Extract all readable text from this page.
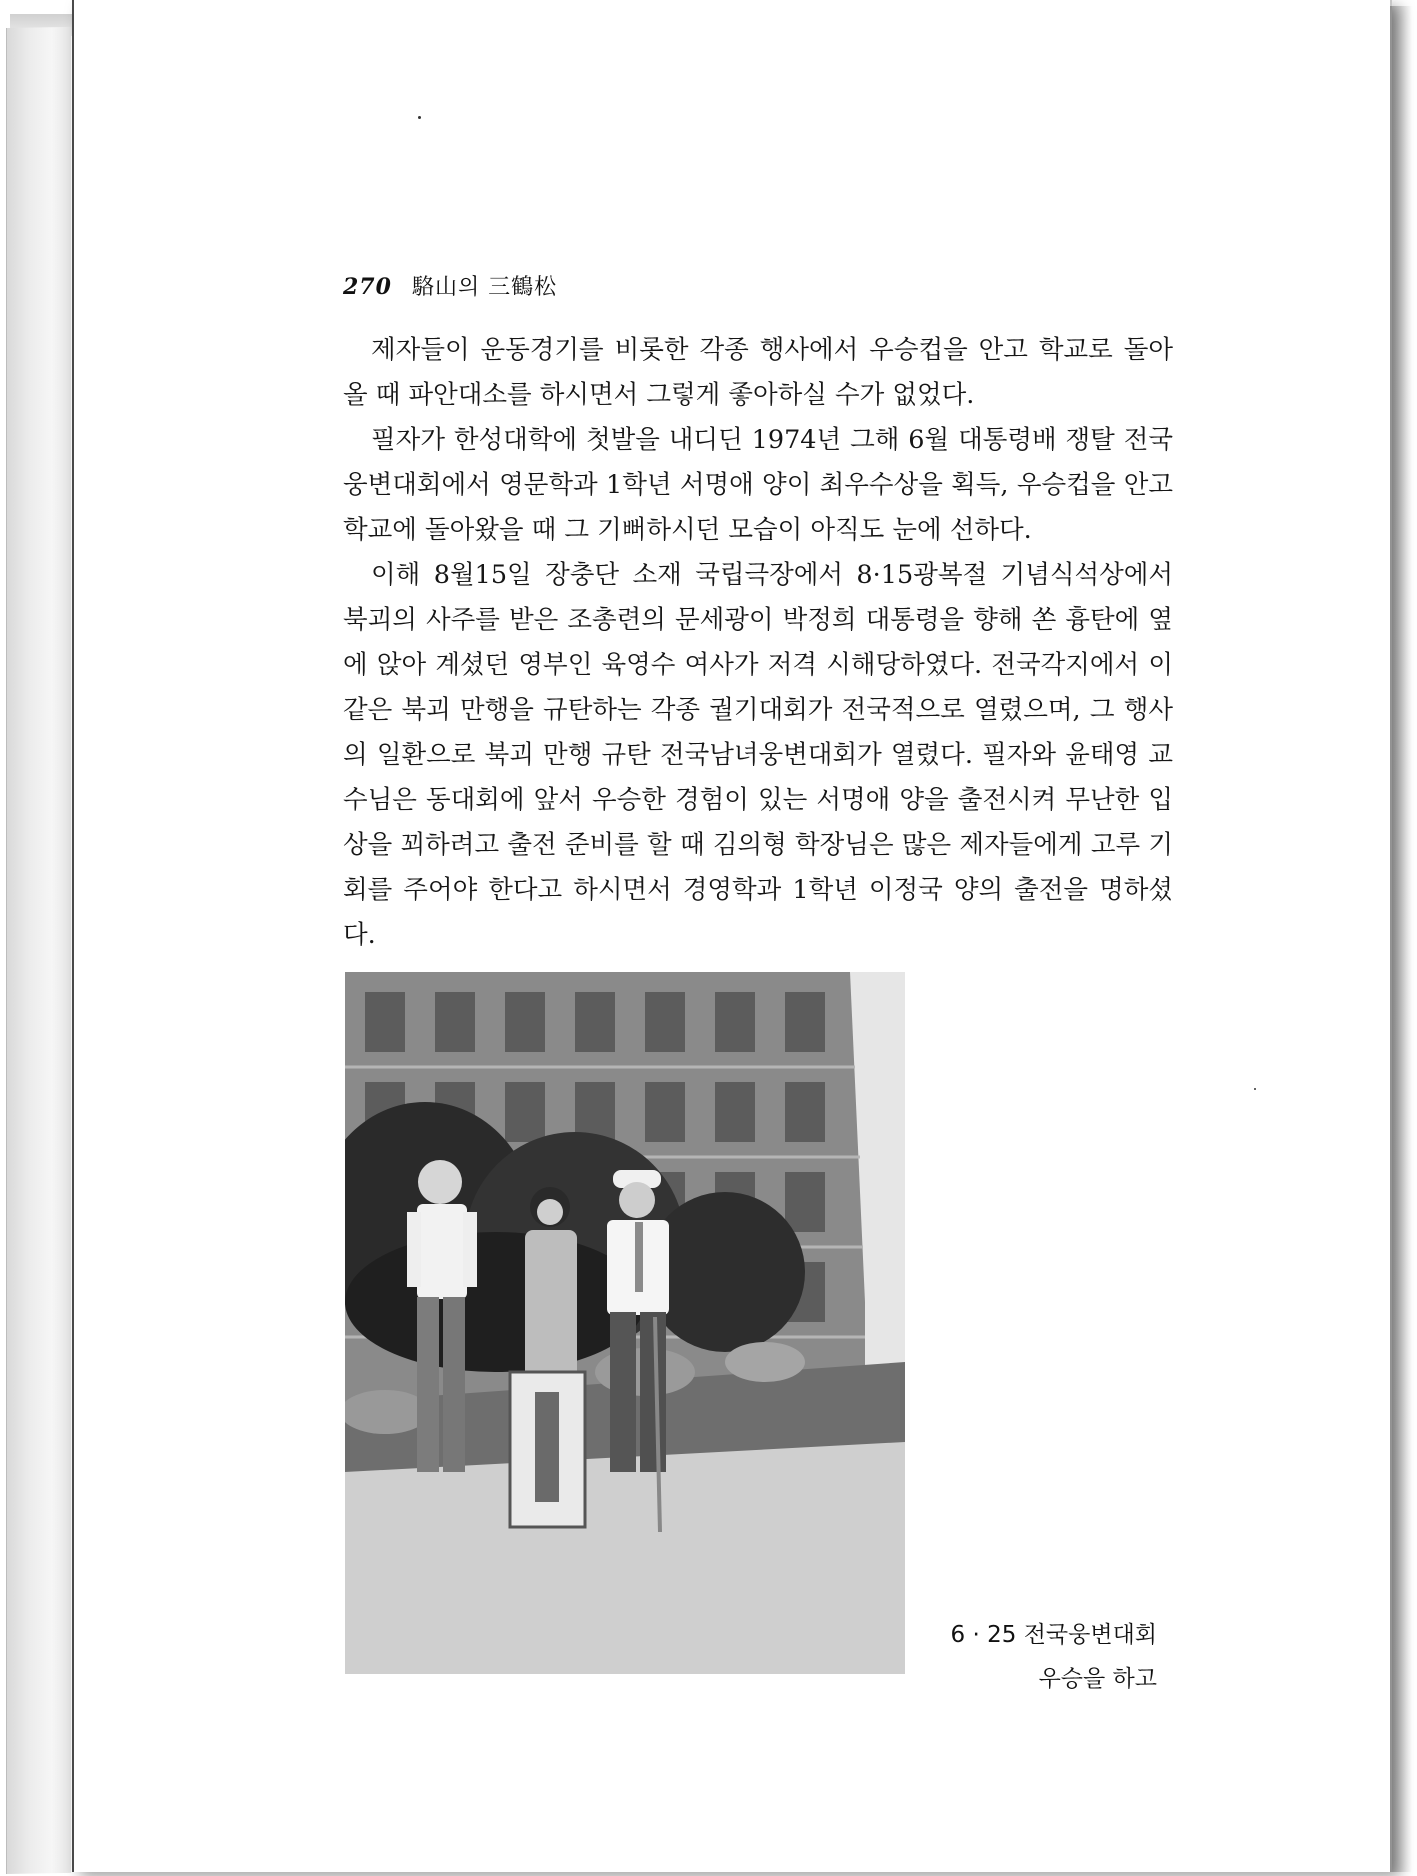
270 駱山의 三鶴松

제자들이 운동경기를 비롯한 각종 행사에서 우승컵을 안고 학교로 돌아올 때 파안대소를 하시면서 그렇게 좋아하실 수가 없었다.

필자가 한성대학에 첫발을 내디딘 1974년 그해 6월 대통령배 쟁탈 전국웅변대회에서 영문학과 1학년 서명애 양이 최우수상을 획득, 우승컵을 안고 학교에 돌아왔을 때 그 기뻐하시던 모습이 아직도 눈에 선하다.

이해 8월15일 장충단 소재 국립극장에서 8·15광복절 기념식석상에서 북괴의 사주를 받은 조총련의 문세광이 박정희 대통령을 향해 쏜 흉탄에 옆에 앉아 계셨던 영부인 육영수 여사가 저격 시해당하였다. 전국각지에서 이같은 북괴 만행을 규탄하는 각종 궐기대회가 전국적으로 열렸으며, 그 행사의 일환으로 북괴 만행 규탄 전국남녀웅변대회가 열렸다. 필자와 윤태영 교수님은 동대회에 앞서 우승한 경험이 있는 서명애 양을 출전시켜 무난한 입상을 꾀하려고 출전 준비를 할 때 김의형 학장님은 많은 제자들에게 고루 기회를 주어야 한다고 하시면서 경영학과 1학년 이정국 양의 출전을 명하셨다.

6 · 25 전국웅변대회
우승을 하고
